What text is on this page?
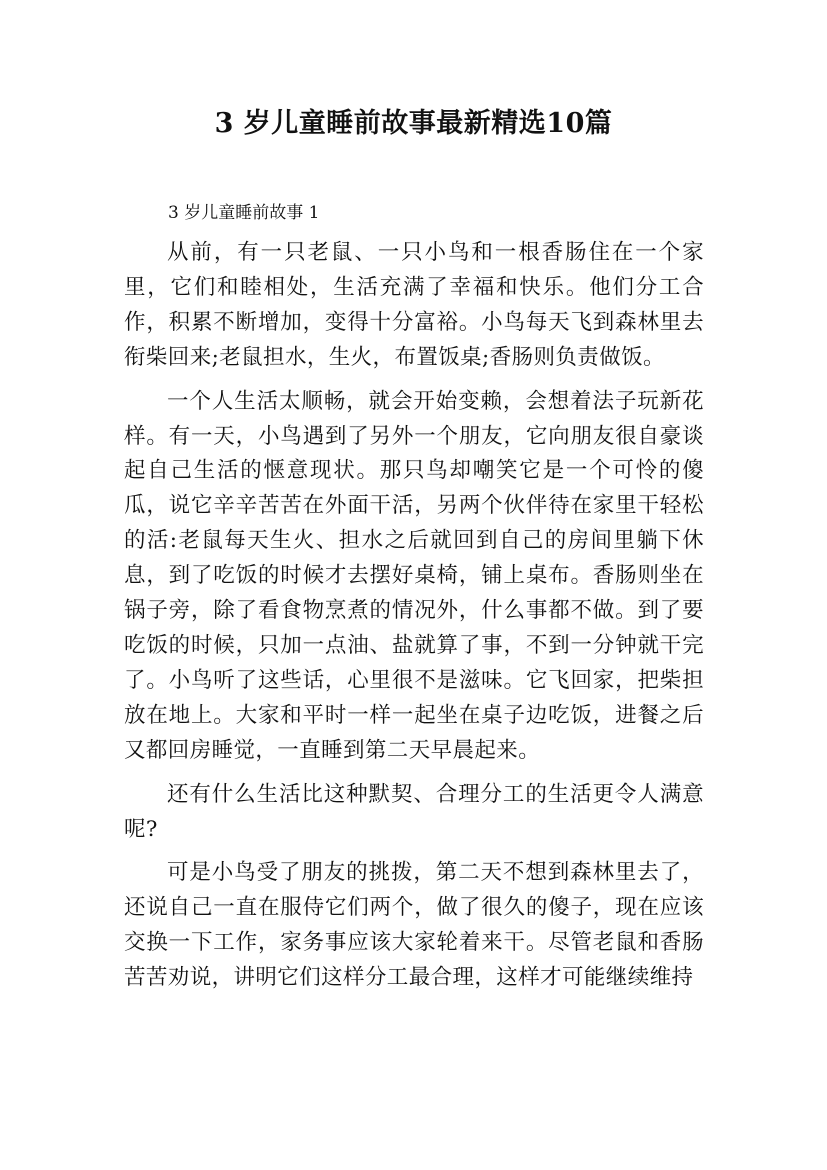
3 岁儿童睡前故事最新精选10篇
3 岁儿童睡前故事 1

从前，有一只老鼠、一只小鸟和一根香肠住在一个家里，它们和睦相处，生活充满了幸福和快乐。他们分工合作，积累不断增加，变得十分富裕。小鸟每天飞到森林里去衔柴回来;老鼠担水，生火，布置饭桌;香肠则负责做饭。

一个人生活太顺畅，就会开始变赖，会想着法子玩新花样。有一天，小鸟遇到了另外一个朋友，它向朋友很自豪谈起自己生活的惬意现状。那只鸟却嘲笑它是一个可怜的傻瓜，说它辛辛苦苦在外面干活，另两个伙伴待在家里干轻松的活:老鼠每天生火、担水之后就回到自己的房间里躺下休息，到了吃饭的时候才去摆好桌椅，铺上桌布。香肠则坐在锅子旁，除了看食物烹煮的情况外，什么事都不做。到了要吃饭的时候，只加一点油、盐就算了事，不到一分钟就干完了。小鸟听了这些话，心里很不是滋味。它飞回家，把柴担放在地上。大家和平时一样一起坐在桌子边吃饭，进餐之后又都回房睡觉，一直睡到第二天早晨起来。

还有什么生活比这种默契、合理分工的生活更令人满意呢?

可是小鸟受了朋友的挑拨，第二天不想到森林里去了，还说自己一直在服侍它们两个，做了很久的傻子，现在应该交换一下工作，家务事应该大家轮着来干。尽管老鼠和香肠苦苦劝说，讲明它们这样分工最合理，这样才可能继续维持
